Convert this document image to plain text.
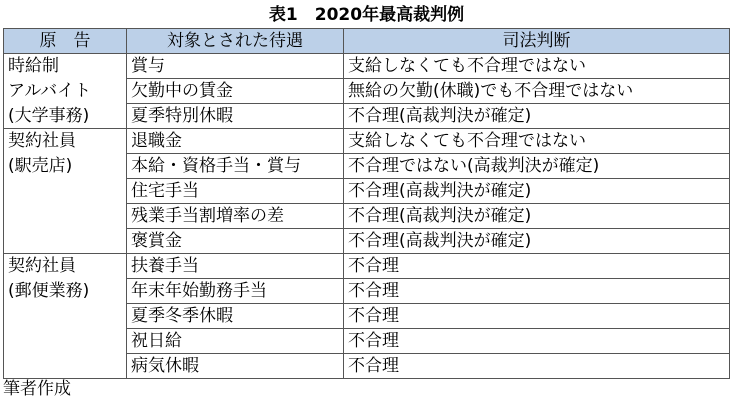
表1　2020年最高裁判例
原　告	対象とされた待遇	司法判断

時給制	賞与	支給しなくても不合理ではない

アルバイト	欠勤中の賃金	無給の欠勤(休職)でも不合理ではない

(大学事務)	夏季特別休暇	不合理(高裁判決が確定)

契約社員	退職金	支給しなくても不合理ではない

(駅売店)	本給・資格手当・賞与	不合理ではない(高裁判決が確定)
	住宅手当	不合理(高裁判決が確定)
	残業手当割増率の差	不合理(高裁判決が確定)
	褒賞金	不合理(高裁判決が確定)

契約社員	扶養手当	不合理

(郵便業務)	年末年始勤務手当	不合理
	夏季冬季休暇	不合理
	祝日給	不合理
	病気休暇	不合理
筆者作成
